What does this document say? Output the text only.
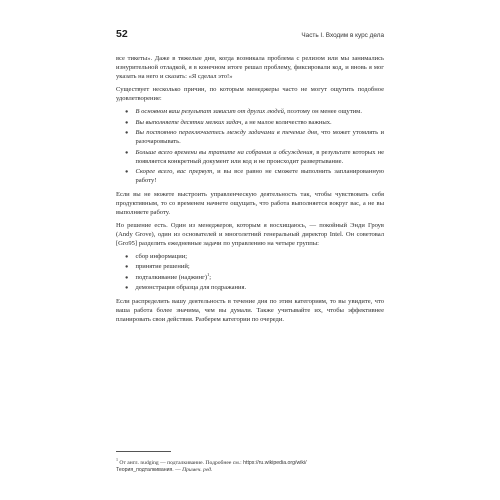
52	Часть I. Входим в курс дела

все тикеты». Даже в тяжелые дни, когда возникала проблема с релизом или мы занимались изнурительной отладкой, я в конечном итоге решал проблему, фиксировали код, и вновь я мог указать на него и сказать: «Я сделал это!»

Существует несколько причин, по которым менеджеры часто не могут ощутить подобное удовлетворение:

● В основном ваш результат зависит от других людей, поэтому он менее ощутим.
● Вы выполняете десятки мелких задач, а не малое количество важных.
● Вы постоянно переключаетесь между задачами в течение дня, что может утомлять и разочаровывать.
● Больше всего времени вы тратите на собрания и обсуждения, в результате которых не появляется конкретный документ или код и не происходит развертывание.
● Скорее всего, вас прервут, и вы все равно не сможете выполнить запланированную работу!

Если вы не можете выстроить управленческую деятельность так, чтобы чувствовать себя продуктивным, то со временем начнете ощущать, что работа выполняется вокруг вас, а не вы выполняете работу.

Но решение есть. Один из менеджеров, которым я восхищаюсь, — покойный Энди Гроув (Andy Grove), один из основателей и многолетний генеральный директор Intel. Он советовал [Gro95] разделить ежедневные задачи по управлению на четыре группы:

● сбор информации;
● принятие решений;
● подталкивание (наджинг)$^1$;
● демонстрация образца для подражания.

Если распределить вашу деятельность в течение дня по этим категориям, то вы увидите, что ваша работа более значима, чем вы думали. Также учитывайте их, чтобы эффективнее планировать свои действия. Разберем категории по очереди.

$^1$ От англ. nudging — подталкивание. Подробнее см.: https://ru.wikipedia.org/wiki/
Теория_подталкивания. — Примеч. ред.
